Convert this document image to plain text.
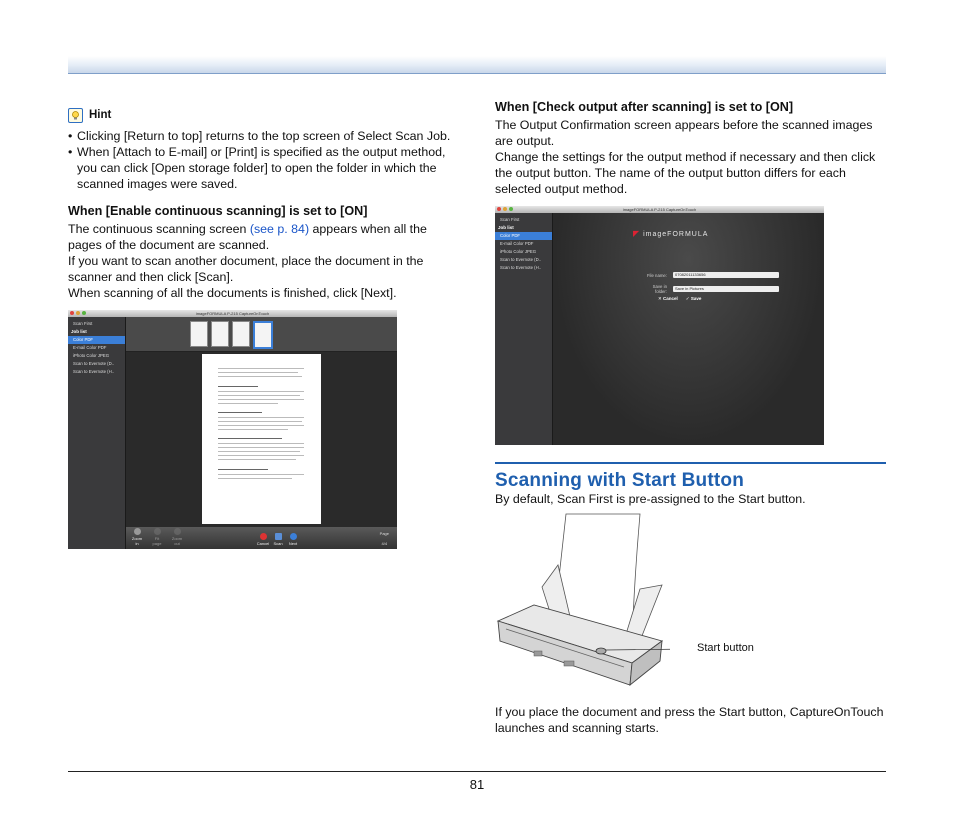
Hint
• Clicking [Return to top] returns to the top screen of Select Scan Job.
• When [Attach to E-mail] or [Print] is specified as the output method, you can click [Open storage folder] to open the folder in which the scanned images were saved.
When [Enable continuous scanning] is set to [ON]

The continuous scanning screen (see p. 84) appears when all the pages of the document are scanned.

If you want to scan another document, place the document in the scanner and then click [Scan].

When scanning of all the documents is finished, click [Next].

imageFORMULA P-215 CaptureOnTouch
Scan First
Job list
Color PDF
E-mail Color PDF
iPhoto Color JPEG
Scan to Evernote (D..
Scan to Evernote (H..
Zoom in
Fit page
Zoom out	Cancel	Scan	Next
Page
4/4
When [Check output after scanning] is set to [ON]

The Output Confirmation screen appears before the scanned images are output.

Change the settings for the output method if necessary and then click the output button. The name of the output button differs for each selected output method.

imageFORMULA P-215 CaptureOnTouch
Scan First
Job list
Color PDF
E-mail Color PDF
iPhoto Color JPEG
Scan to Evernote (D..
Scan to Evernote (H..
◤ imageFORMULA
File name:	07082011133656
Save in folder:
Save in Pictures
✕ Cancel ✓ Save
Scanning with Start Button
By default, Scan First is pre-assigned to the Start button.
Start button
If you place the document and press the Start button, CaptureOnTouch launches and scanning starts.
81
